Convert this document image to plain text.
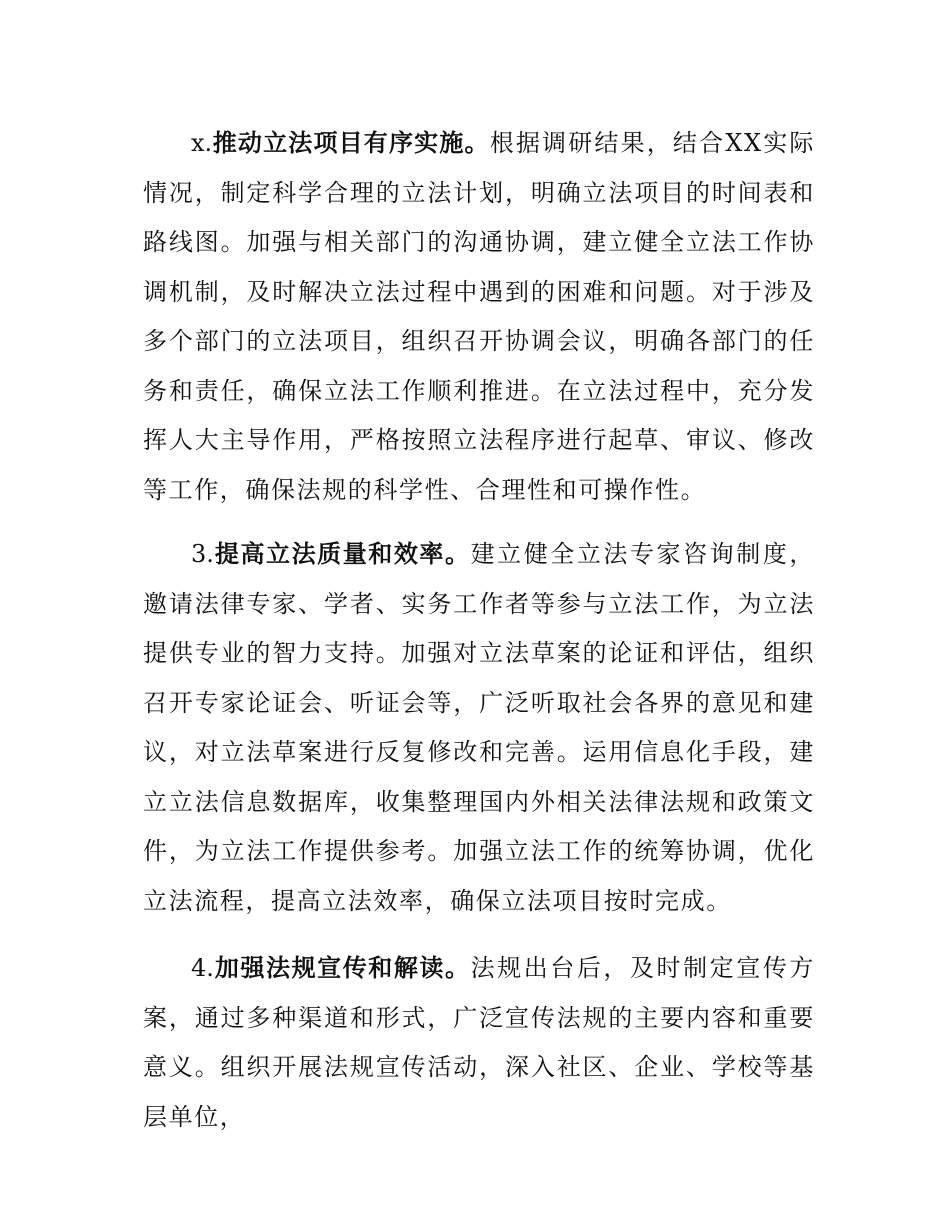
x.推动立法项目有序实施。根据调研结果，结合XX实际情况，制定科学合理的立法计划，明确立法项目的时间表和路线图。加强与相关部门的沟通协调，建立健全立法工作协调机制，及时解决立法过程中遇到的困难和问题。对于涉及多个部门的立法项目，组织召开协调会议，明确各部门的任务和责任，确保立法工作顺利推进。在立法过程中，充分发挥人大主导作用，严格按照立法程序进行起草、审议、修改等工作，确保法规的科学性、合理性和可操作性。

3.提高立法质量和效率。建立健全立法专家咨询制度，邀请法律专家、学者、实务工作者等参与立法工作，为立法提供专业的智力支持。加强对立法草案的论证和评估，组织召开专家论证会、听证会等，广泛听取社会各界的意见和建议，对立法草案进行反复修改和完善。运用信息化手段，建立立法信息数据库，收集整理国内外相关法律法规和政策文件，为立法工作提供参考。加强立法工作的统筹协调，优化立法流程，提高立法效率，确保立法项目按时完成。

4.加强法规宣传和解读。法规出台后，及时制定宣传方案，通过多种渠道和形式，广泛宣传法规的主要内容和重要意义。组织开展法规宣传活动，深入社区、企业、学校等基层单位，
